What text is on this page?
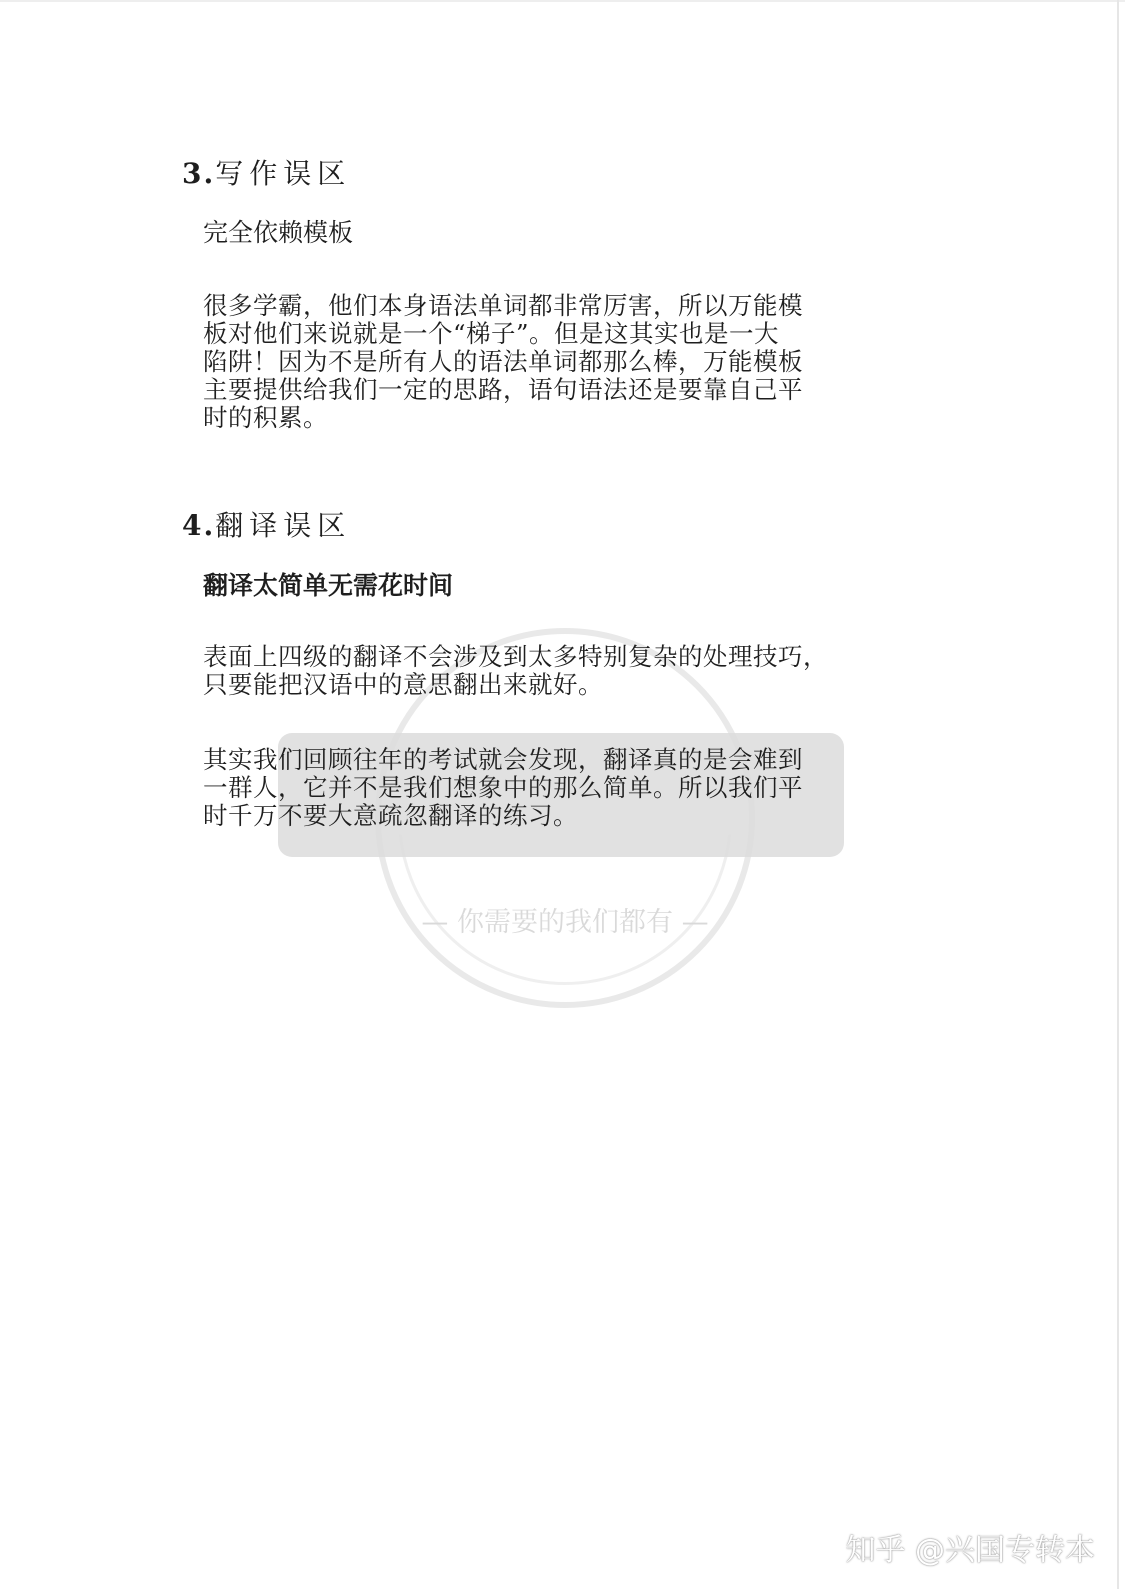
— 你需要的我们都有 —
3.写作误区
完全依赖模板
很多学霸，他们本身语法单词都非常厉害，所以万能模
板对他们来说就是一个“梯子”。但是这其实也是一大
陷阱！因为不是所有人的语法单词都那么棒，万能模板
主要提供给我们一定的思路，语句语法还是要靠自己平
时的积累。
4.翻译误区
翻译太简单无需花时间
表面上四级的翻译不会涉及到太多特别复杂的处理技巧，
只要能把汉语中的意思翻出来就好。
其实我们回顾往年的考试就会发现，翻译真的是会难到
一群人，它并不是我们想象中的那么简单。所以我们平
时千万不要大意疏忽翻译的练习。
知乎 @兴国专转本
